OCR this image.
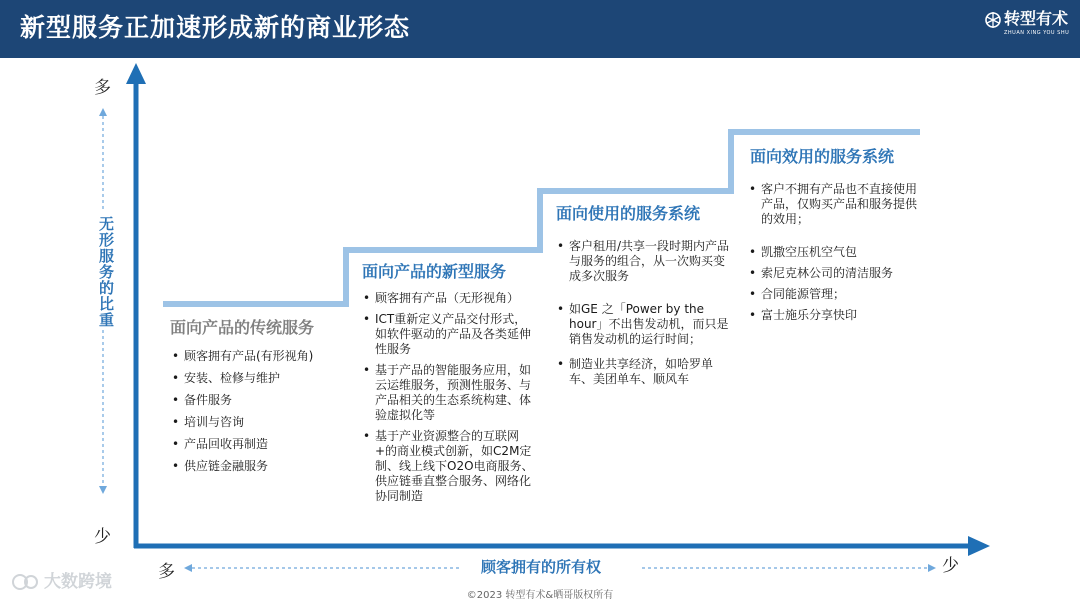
新型服务正加速形成新的商业形态	转型有术
ZHUAN XING YOU SHU
多
少
无形服务的比重
多	少
顾客拥有的所有权
面向产品的传统服务
• 顾客拥有产品(有形视角)
• 安装、检修与维护
• 备件服务
• 培训与咨询
• 产品回收再制造
• 供应链金融服务
面向产品的新型服务
• 顾客拥有产品（无形视角）
• ICT重新定义产品交付形式，如软件驱动的产品及各类延伸性服务
• 基于产品的智能服务应用，如云运维服务，预测性服务、与产品相关的生态系统构建、体验虚拟化等
• 基于产业资源整合的互联网+的商业模式创新，如C2M定制、线上线下O2O电商服务、供应链垂直整合服务、网络化协同制造
面向使用的服务系统
• 客户租用/共享一段时期内产品与服务的组合，从一次购买变成多次服务
• 如GE 之「Power by the hour」不出售发动机，而只是销售发动机的运行时间；
• 制造业共享经济，如哈罗单车、美团单车、顺风车
面向效用的服务系统
• 客户不拥有产品也不直接使用产品，仅购买产品和服务提供的效用；
• 凯撒空压机空气包
• 索尼克林公司的清洁服务
• 合同能源管理；
• 富士施乐分享快印
大数跨境
©2023 转型有术&晒哥版权所有
